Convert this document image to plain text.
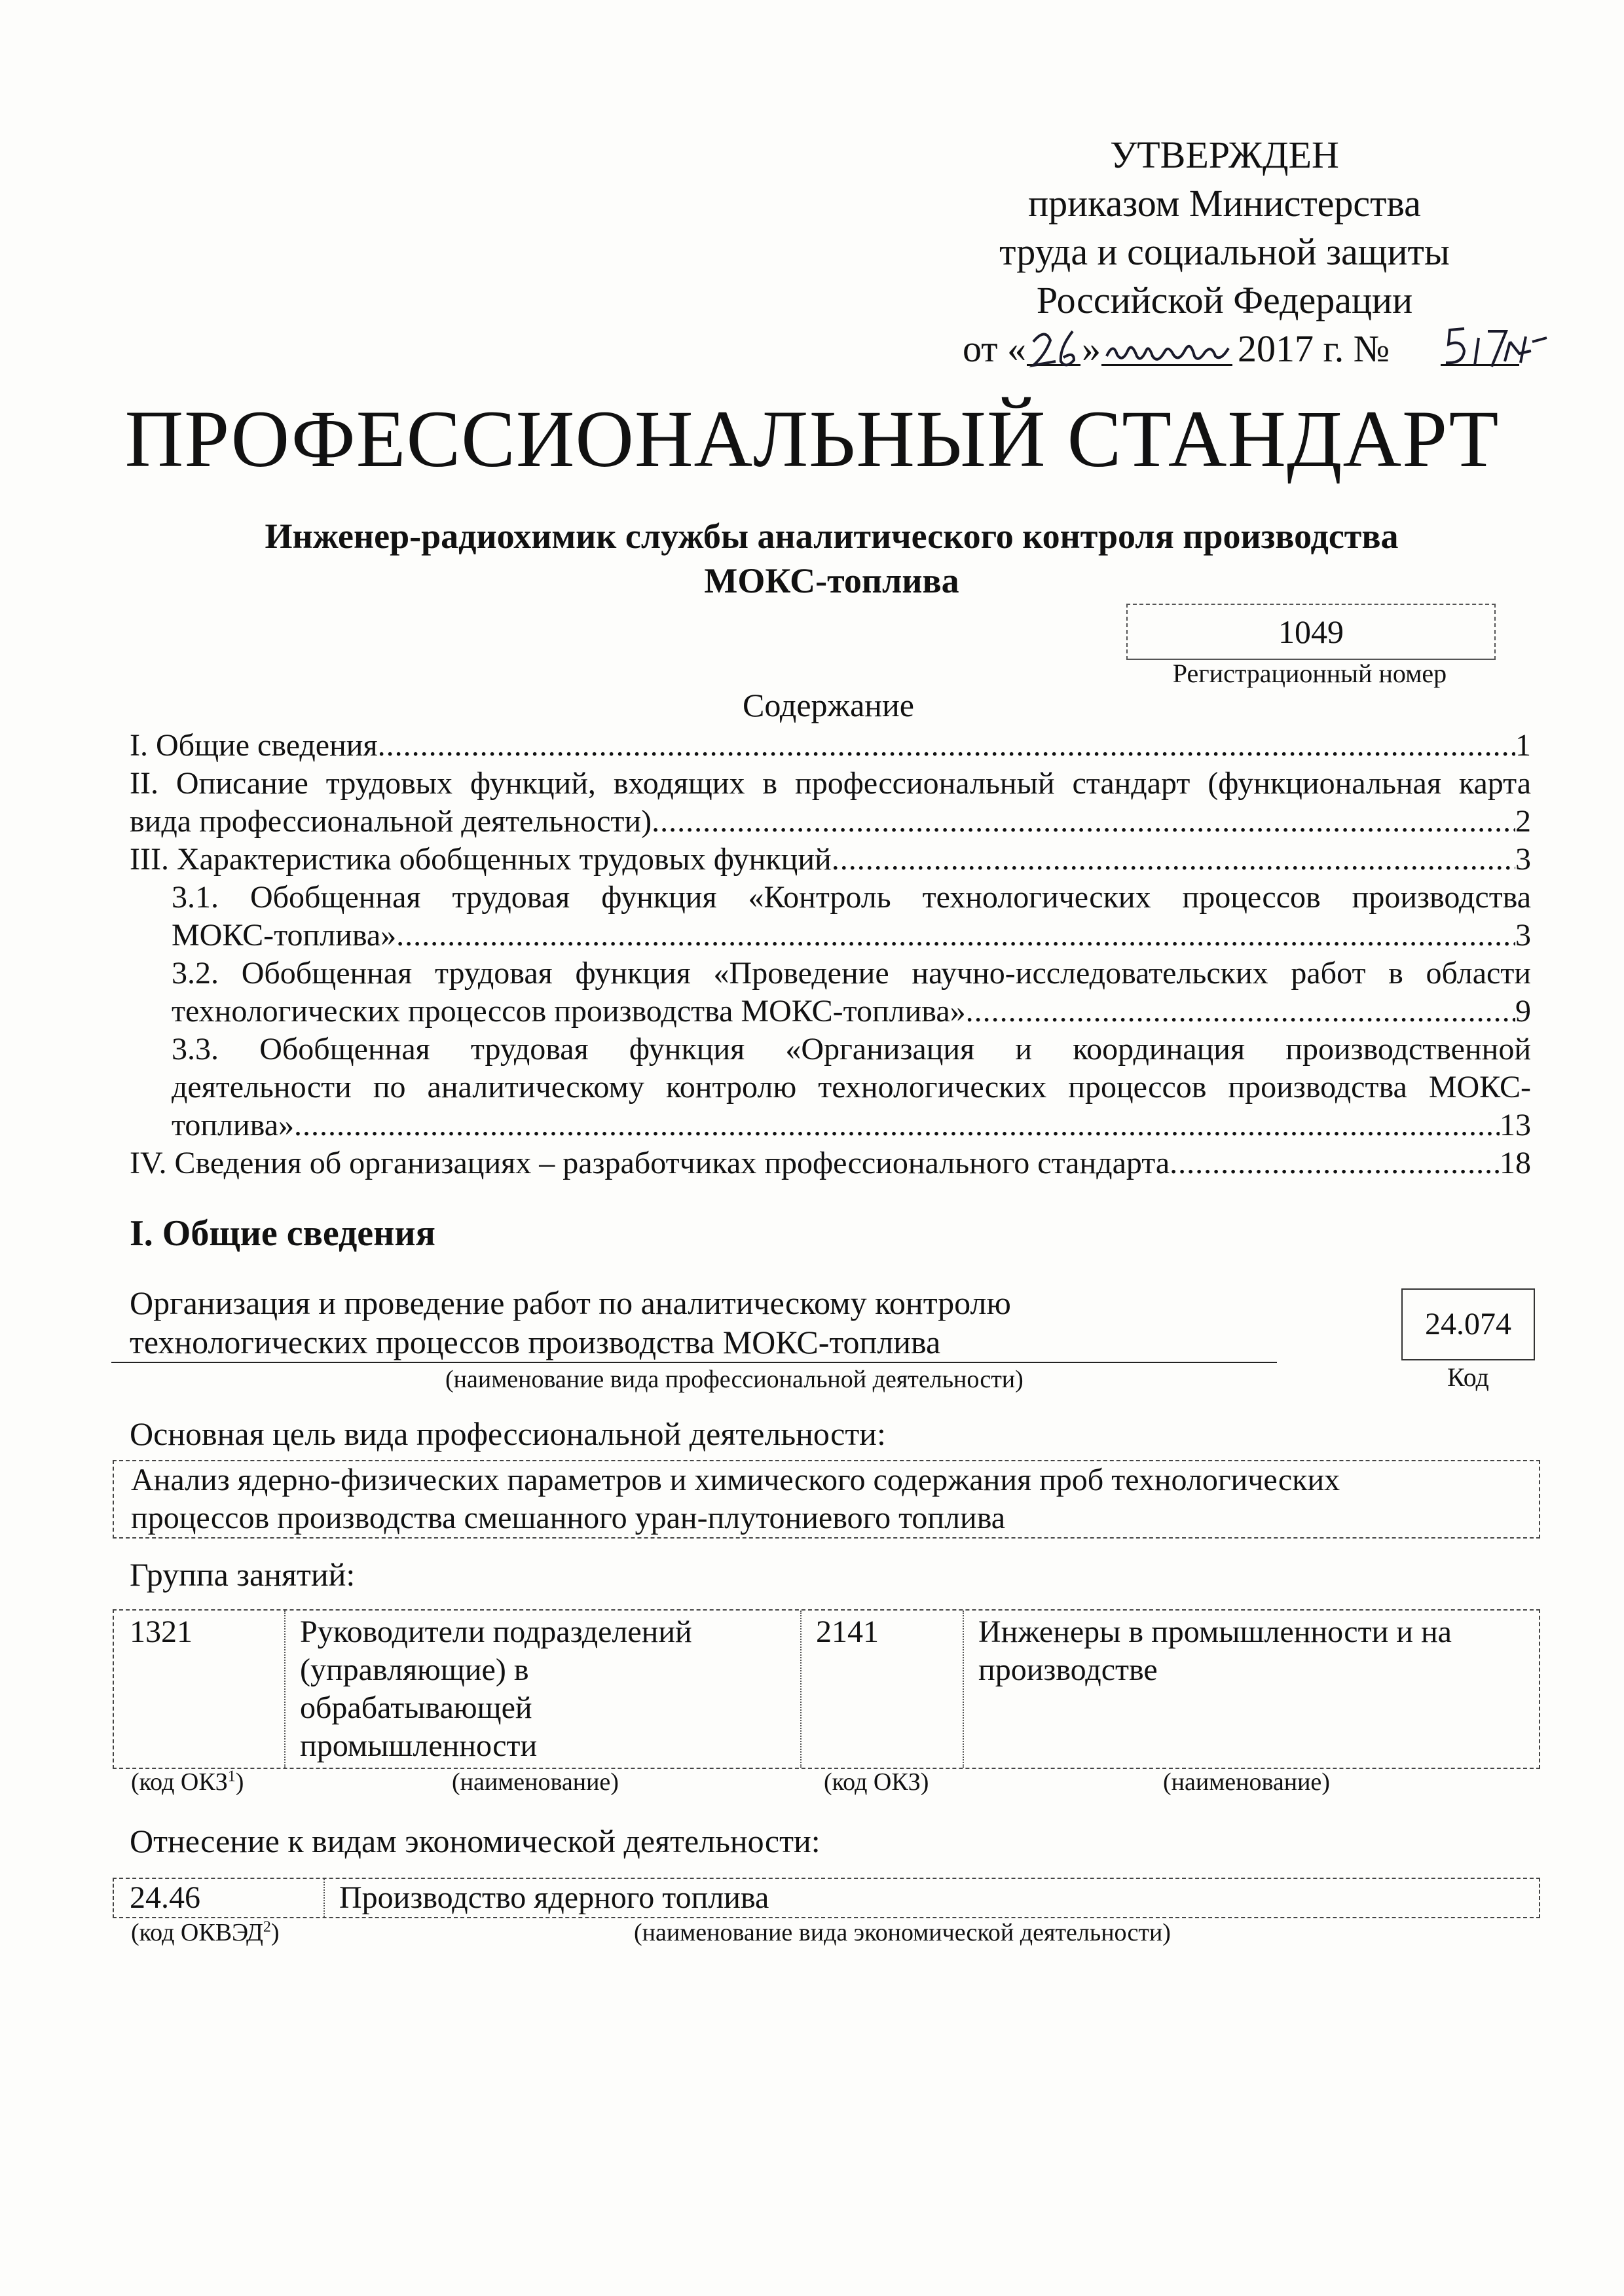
УТВЕРЖДЕН
приказом Министерства
труда и социальной защиты
Российской Федерации
от « »	2017 г. №
ПРОФЕССИОНАЛЬНЫЙ СТАНДАРТ
Инженер-радиохимик службы аналитического контроля производства
МОКС-топлива
1049
Регистрационный номер
Содержание
I. Общие сведения .....	1
II. Описание трудовых функций, входящих в профессиональный стандарт (функциональная карта
вида профессиональной деятельности) .....	2
III. Характеристика обобщенных трудовых функций .....	3
3.1. Обобщенная трудовая функция «Контроль технологических процессов производства
МОКС-топлива» .....	3
3.2. Обобщенная трудовая функция «Проведение научно-исследовательских работ в области
технологических процессов производства МОКС-топлива» .....	9
3.3. Обобщенная трудовая функция «Организация и координация производственной
деятельности по аналитическому контролю технологических процессов производства МОКС-
топлива» .....	13
IV. Сведения об организациях – разработчиках профессионального стандарта .....	18
I. Общие сведения
Организация и проведение работ по аналитическому контролю
технологических процессов производства МОКС-топлива
(наименование вида профессиональной деятельности)
24.074
Код
Основная цель вида профессиональной деятельности:
Анализ ядерно-физических параметров и химического содержания проб технологических
процессов производства смешанного уран-плутониевого топлива
Группа занятий:
1321	Руководители подразделений
(управляющие) в
обрабатывающей
промышленности
2141	Инженеры в промышленности и на
производстве
(код ОКЗ$^1$)	(наименование)	(код ОКЗ)	(наименование)
Отнесение к видам экономической деятельности:
24.46	Производство ядерного топлива
(код ОКВЭД$^2$)	(наименование вида экономической деятельности)
